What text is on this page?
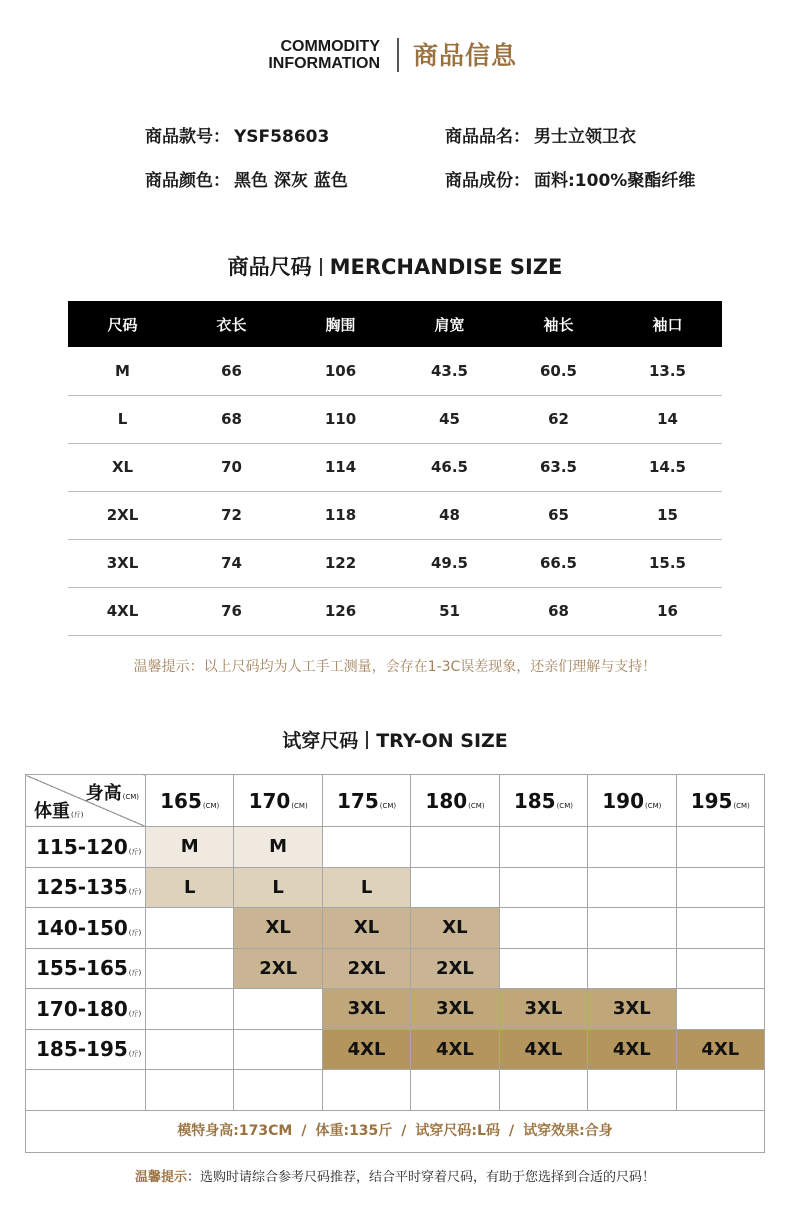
COMMODITY
INFORMATION 商品信息
商品款号： YSF58603	商品品名： 男士立领卫衣
商品颜色： 黑色 深灰 蓝色	商品成份： 面料:100%聚酯纤维
商品尺码 MERCHANDISE SIZE
尺码	衣长	胸围	肩宽	袖长	袖口
M	66	106	43.5	60.5	13.5
L	68	110	45	62	14
XL	70	114	46.5	63.5	14.5
2XL	72	118	48	65	15
3XL	74	122	49.5	66.5	15.5
4XL	76	126	51	68	16
温馨提示：以上尺码均为人工手工测量，会存在1-3C误差现象，还亲们理解与支持！
试穿尺码 TRY-ON SIZE
身高(CM)
体重(斤)	165(CM)	170(CM)	175(CM)	180(CM)	185(CM)	190(CM)	195(CM)
115-120(斤)	M	M					
125-135(斤)	L	L	L				
140-150(斤)		XL	XL	XL			
155-165(斤)		2XL	2XL	2XL			
170-180(斤)			3XL	3XL	3XL	3XL	
185-195(斤)			4XL	4XL	4XL	4XL	4XL

模特身高:173CM / 体重:135斤 / 试穿尺码:L码 / 试穿效果:合身
温馨提示：选购时请综合参考尺码推荐，结合平时穿着尺码，有助于您选择到合适的尺码！
